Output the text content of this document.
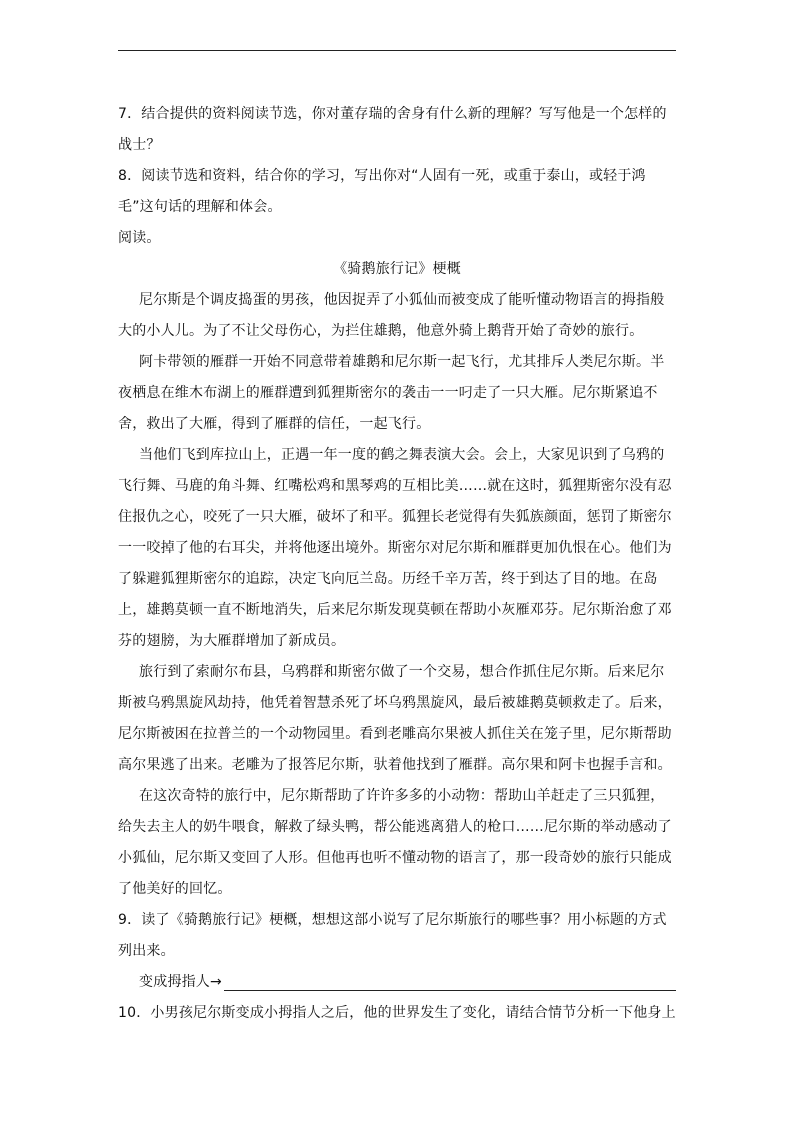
7．结合提供的资料阅读节选，你对董存瑞的舍身有什么新的理解？写写他是一个怎样的战士？

8．阅读节选和资料，结合你的学习，写出你对“人固有一死，或重于泰山，或轻于鸿毛”这句话的理解和体会。

阅读。

《骑鹅旅行记》梗概

尼尔斯是个调皮捣蛋的男孩，他因捉弄了小狐仙而被变成了能听懂动物语言的拇指般大的小人儿。为了不让父母伤心，为拦住雄鹅，他意外骑上鹅背开始了奇妙的旅行。

阿卡带领的雁群一开始不同意带着雄鹅和尼尔斯一起飞行，尤其排斥人类尼尔斯。半夜栖息在维木布湖上的雁群遭到狐狸斯密尔的袭击一一叼走了一只大雁。尼尔斯紧追不舍，救出了大雁，得到了雁群的信任，一起飞行。

当他们飞到库拉山上，正遇一年一度的鹤之舞表演大会。会上，大家见识到了乌鸦的飞行舞、马鹿的角斗舞、红嘴松鸡和黑琴鸡的互相比美……就在这时，狐狸斯密尔没有忍住报仇之心，咬死了一只大雁，破坏了和平。狐狸长老觉得有失狐族颜面，惩罚了斯密尔一一咬掉了他的右耳尖，并将他逐出境外。斯密尔对尼尔斯和雁群更加仇恨在心。他们为了躲避狐狸斯密尔的追踪，决定飞向厄兰岛。历经千辛万苦，终于到达了目的地。在岛上，雄鹅莫顿一直不断地消失，后来尼尔斯发现莫顿在帮助小灰雁邓芬。尼尔斯治愈了邓芬的翅膀，为大雁群增加了新成员。

旅行到了索耐尔布县，乌鸦群和斯密尔做了一个交易，想合作抓住尼尔斯。后来尼尔斯被乌鸦黑旋风劫持，他凭着智慧杀死了坏乌鸦黑旋风，最后被雄鹅莫顿救走了。后来，尼尔斯被困在拉普兰的一个动物园里。看到老雕高尔果被人抓住关在笼子里，尼尔斯帮助高尔果逃了出来。老雕为了报答尼尔斯，驮着他找到了雁群。高尔果和阿卡也握手言和。

在这次奇特的旅行中，尼尔斯帮助了许许多多的小动物：帮助山羊赶走了三只狐狸，给失去主人的奶牛喂食，解救了绿头鸭，帮公能逃离猎人的枪口……尼尔斯的举动感动了小狐仙，尼尔斯又变回了人形。但他再也听不懂动物的语言了，那一段奇妙的旅行只能成了他美好的回忆。

9．读了《骑鹅旅行记》梗概，想想这部小说写了尼尔斯旅行的哪些事？用小标题的方式列出来。

变成拇指人 →

10．小男孩尼尔斯变成小拇指人之后，他的世界发生了变化，请结合情节分析一下他身上
